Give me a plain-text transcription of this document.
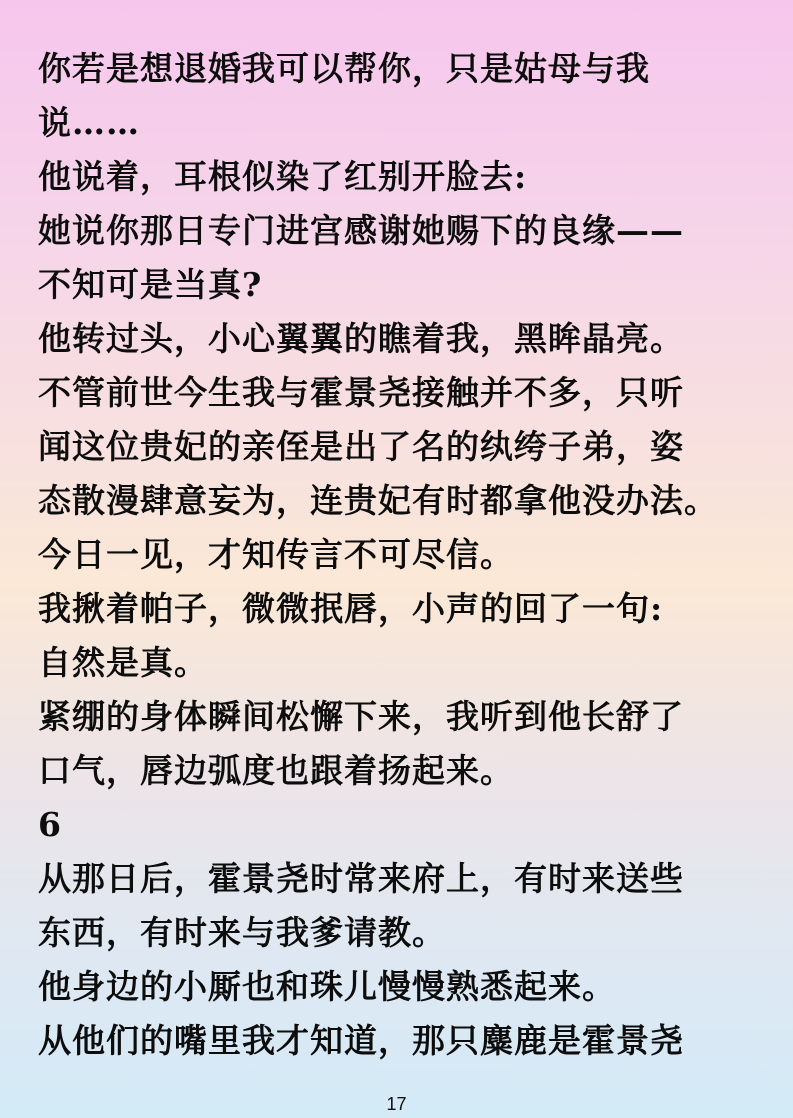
你若是想退婚我可以帮你，只是姑母与我
说……
他说着，耳根似染了红别开脸去:
她说你那日专门进宫感谢她赐下的良缘——
不知可是当真?
他转过头，小心翼翼的瞧着我，黑眸晶亮。
不管前世今生我与霍景尧接触并不多，只听
闻这位贵妃的亲侄是出了名的纨绔子弟，姿
态散漫肆意妄为，连贵妃有时都拿他没办法。
今日一见，才知传言不可尽信。
我揪着帕子，微微抿唇，小声的回了一句:
自然是真。
紧绷的身体瞬间松懈下来，我听到他长舒了
口气，唇边弧度也跟着扬起来。
6
从那日后，霍景尧时常来府上，有时来送些
东西，有时来与我爹请教。
他身边的小厮也和珠儿慢慢熟悉起来。
从他们的嘴里我才知道，那只麋鹿是霍景尧
17
